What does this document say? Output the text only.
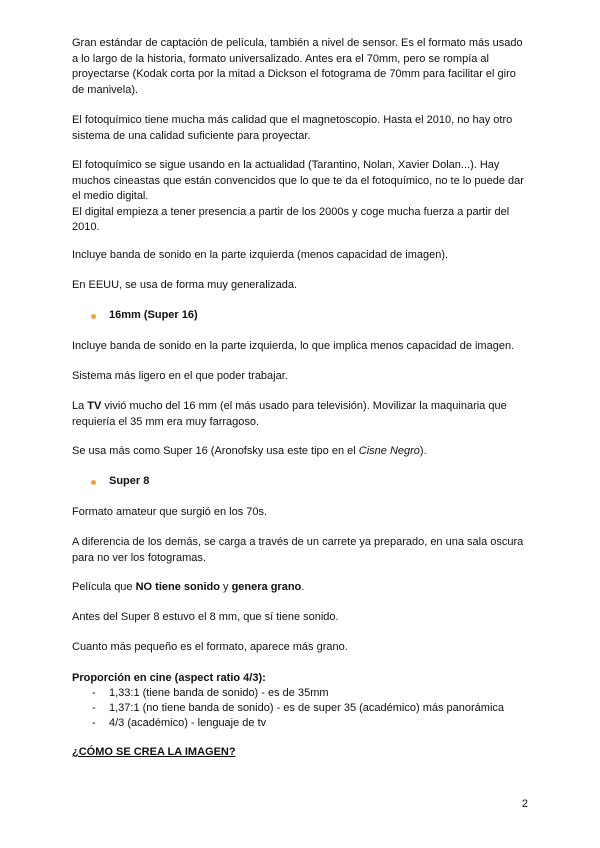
Gran estándar de captación de película, también a nivel de sensor. Es el formato más usado a lo largo de la historia, formato universalizado. Antes era el 70mm, pero se rompía al proyectarse (Kodak corta por la mitad a Dickson el fotograma de 70mm para facilitar el giro de manivela).

El fotoquímico tiene mucha más calidad que el magnetoscopio. Hasta el 2010, no hay otro sistema de una calidad suficiente para proyectar.

El fotoquímico se sigue usando en la actualidad (Tarantino, Nolan, Xavier Dolan...). Hay muchos cineastas que están convencidos que lo que te da el fotoquímico, no te lo puede dar el medio digital.

El digital empieza a tener presencia a partir de los 2000s y coge mucha fuerza a partir del 2010.

Incluye banda de sonido en la parte izquierda (menos capacidad de imagen).

En EEUU, se usa de forma muy generalizada.

16mm (Super 16)

Incluye banda de sonido en la parte izquierda, lo que implica menos capacidad de imagen.

Sistema más ligero en el que poder trabajar.

La TV vivió mucho del 16 mm (el más usado para televisión). Movilizar la maquinaria que requiería el 35 mm era muy farragoso.

Se usa más como Super 16 (Aronofsky usa este tipo en el Cisne Negro).

Super 8

Formato amateur que surgió en los 70s.

A diferencia de los demás, se carga a través de un carrete ya preparado, en una sala oscura para no ver los fotogramas.

Película que NO tiene sonido y genera grano.

Antes del Super 8 estuvo el 8 mm, que sí tiene sonido.

Cuanto más pequeño es el formato, aparece más grano.

Proporción en cine (aspect ratio 4/3):

- 1,33:1 (tiene banda de sonido) - es de 35mm
- 1,37:1 (no tiene banda de sonido) - es de super 35 (académico) más panorámica
- 4/3 (académico) - lenguaje de tv

¿CÓMO SE CREA LA IMAGEN?

2
